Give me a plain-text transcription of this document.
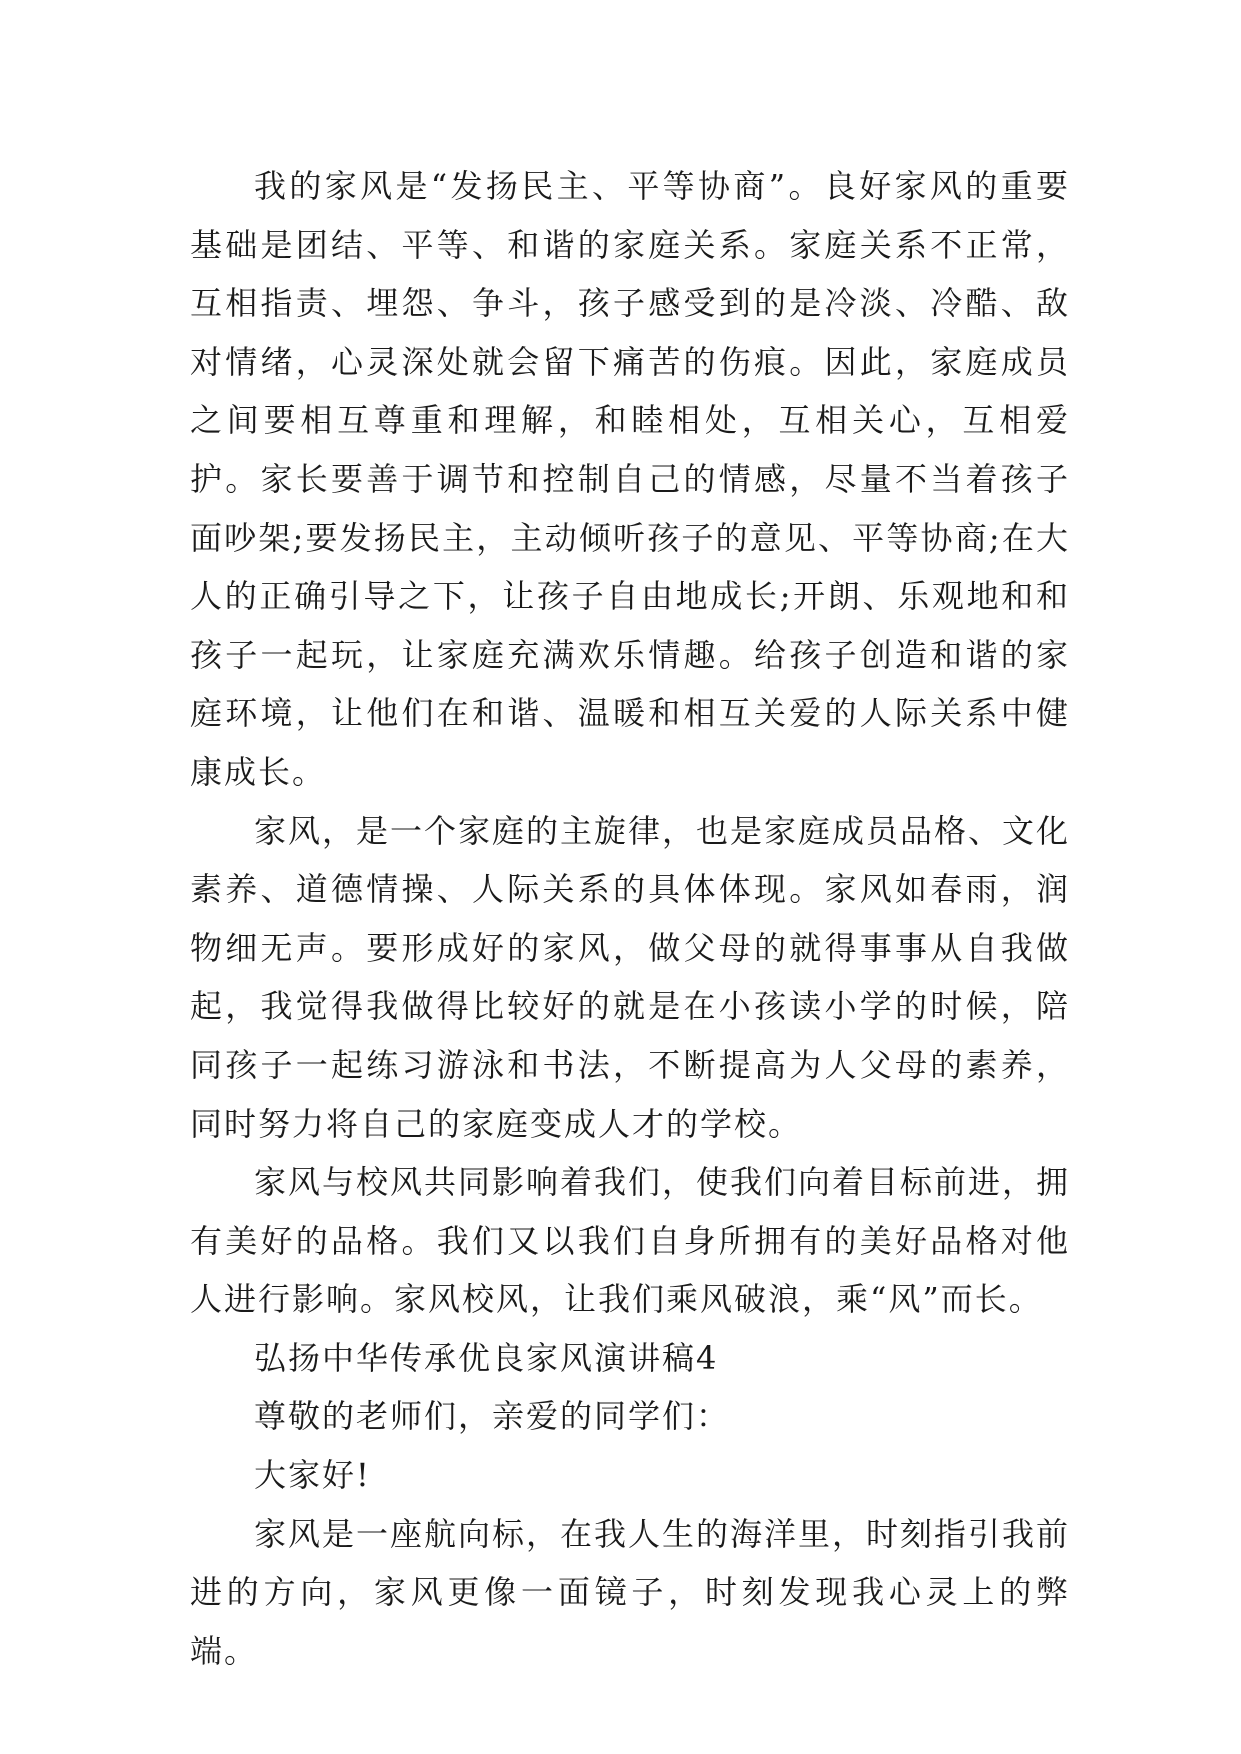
我的家风是“发扬民主、平等协商”。良好家风的重要基础是团结、平等、和谐的家庭关系。家庭关系不正常，互相指责、埋怨、争斗，孩子感受到的是冷淡、冷酷、敌对情绪，心灵深处就会留下痛苦的伤痕。因此，家庭成员之间要相互尊重和理解，和睦相处，互相关心，互相爱护。家长要善于调节和控制自己的情感，尽量不当着孩子面吵架;要发扬民主，主动倾听孩子的意见、平等协商;在大人的正确引导之下，让孩子自由地成长;开朗、乐观地和和孩子一起玩，让家庭充满欢乐情趣。给孩子创造和谐的家庭环境，让他们在和谐、温暖和相互关爱的人际关系中健康成长。

家风，是一个家庭的主旋律，也是家庭成员品格、文化素养、道德情操、人际关系的具体体现。家风如春雨，润物细无声。要形成好的家风，做父母的就得事事从自我做起，我觉得我做得比较好的就是在小孩读小学的时候，陪同孩子一起练习游泳和书法，不断提高为人父母的素养，同时努力将自己的家庭变成人才的学校。

家风与校风共同影响着我们，使我们向着目标前进，拥有美好的品格。我们又以我们自身所拥有的美好品格对他人进行影响。家风校风，让我们乘风破浪，乘“风”而长。

弘扬中华传承优良家风演讲稿4

尊敬的老师们，亲爱的同学们：

大家好!

家风是一座航向标，在我人生的海洋里，时刻指引我前进的方向，家风更像一面镜子，时刻发现我心灵上的弊端。
